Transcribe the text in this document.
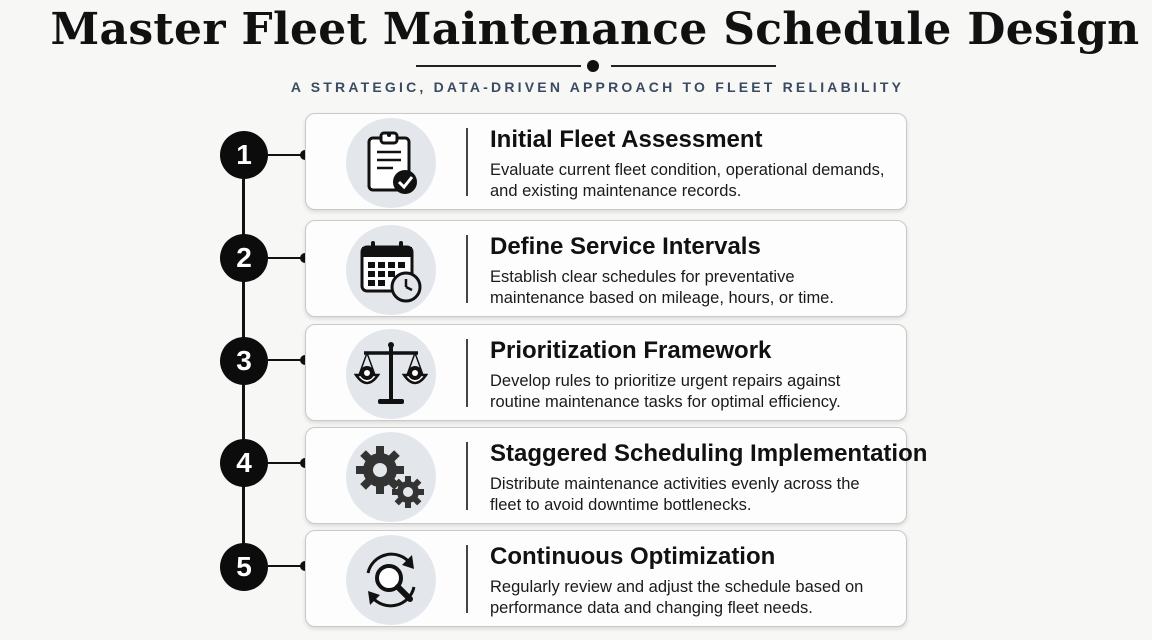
Master Fleet Maintenance Schedule Design
A STRATEGIC, DATA-DRIVEN APPROACH TO FLEET RELIABILITY
1	Initial Fleet Assessment
Evaluate current fleet condition, operational demands, and existing maintenance records.
2	Define Service Intervals
Establish clear schedules for preventative maintenance based on mileage, hours, or time.
3	Prioritization Framework
Develop rules to prioritize urgent repairs against routine maintenance tasks for optimal efficiency.
4	Staggered Scheduling Implementation
Distribute maintenance activities evenly across the fleet to avoid downtime bottlenecks.
5	Continuous Optimization
Regularly review and adjust the schedule based on performance data and changing fleet needs.
